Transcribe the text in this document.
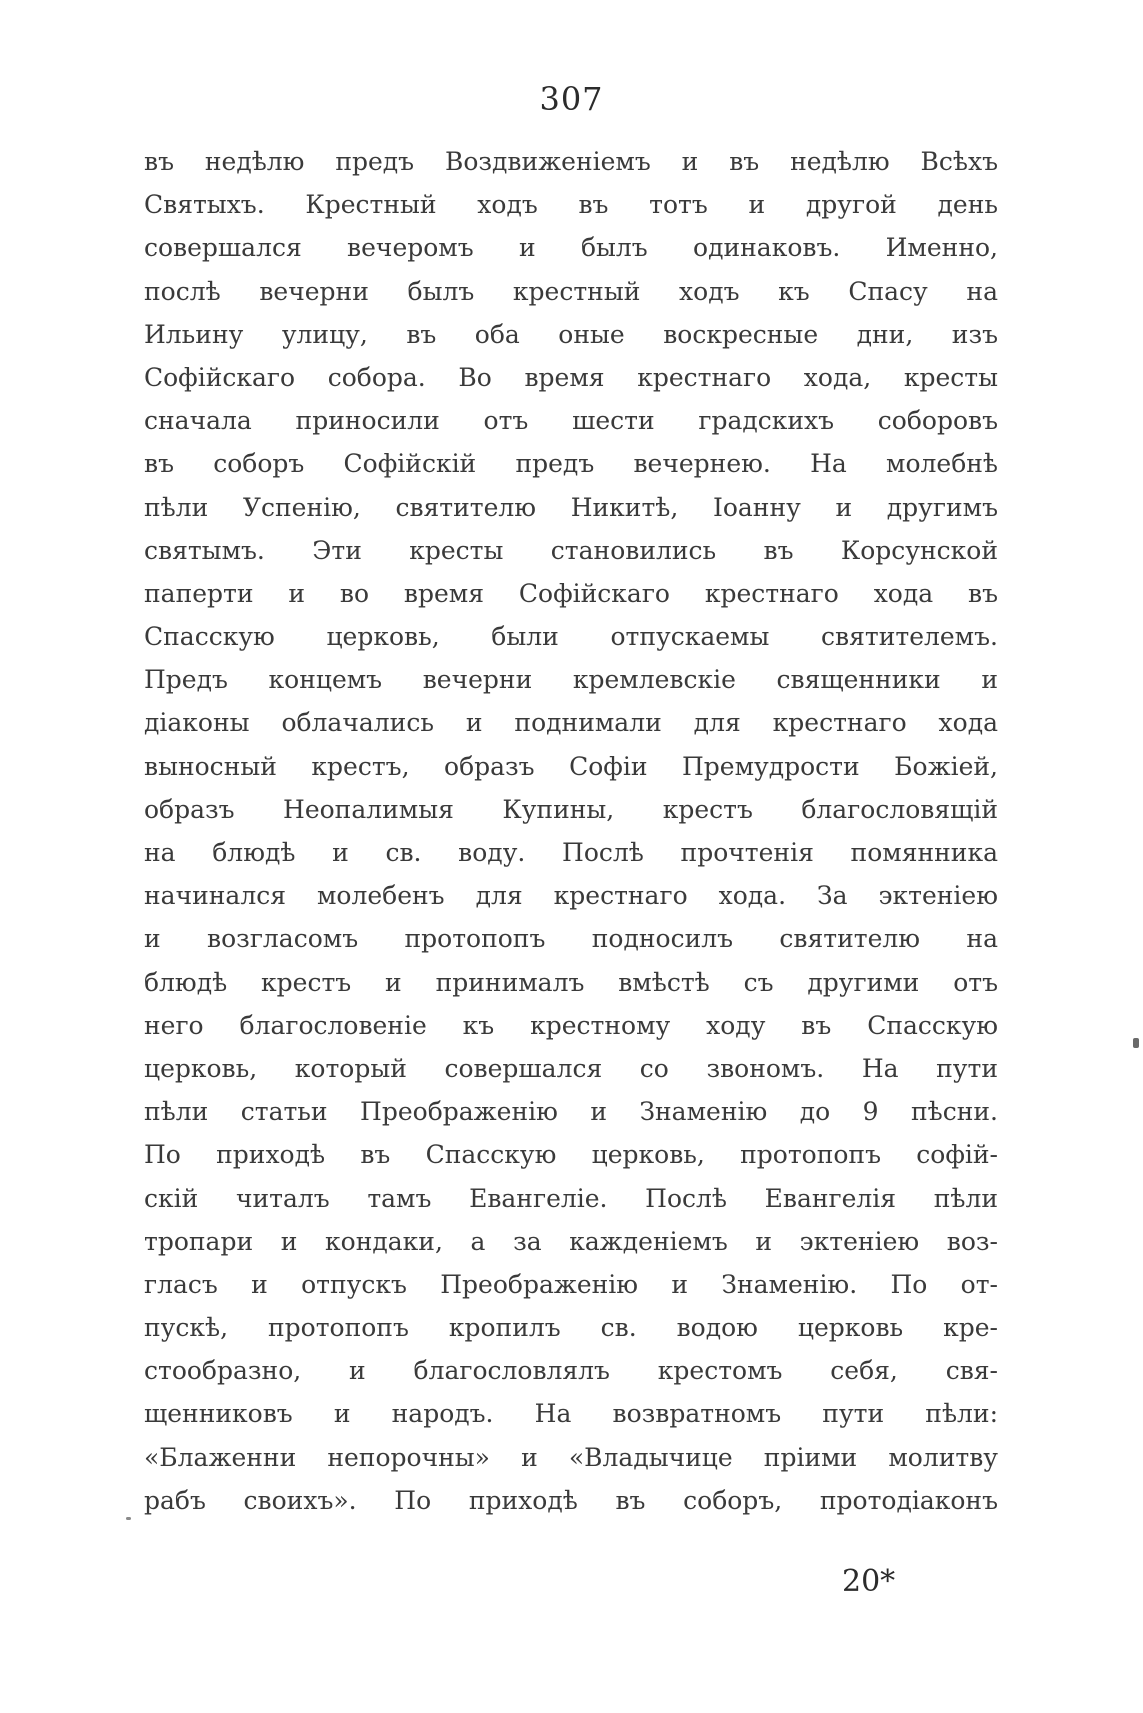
307
въ недѣлю предъ Воздвиженіемъ и въ недѣлю Всѣхъ
Святыхъ. Крестный ходъ въ тотъ и другой день
совершался вечеромъ и былъ одинаковъ. Именно,
послѣ вечерни былъ крестный ходъ къ Спасу на
Ильину улицу, въ оба оные воскресные дни, изъ
Софійскаго собора. Во время крестнаго хода, кресты
сначала приносили отъ шести градскихъ соборовъ
въ соборъ Софійскій предъ вечернею. На молебнѣ
пѣли Успенію, святителю Никитѣ, Іоанну и другимъ
святымъ. Эти кресты становились въ Корсунской
паперти и во время Софійскаго крестнаго хода въ
Спасскую церковь, были отпускаемы святителемъ.
Предъ концемъ вечерни кремлевскіе священники и
діаконы облачались и поднимали для крестнаго хода
выносный крестъ, образъ Софіи Премудрости Божіей,
образъ Неопалимыя Купины, крестъ благословящій
на блюдѣ и св. воду. Послѣ прочтенія помянника
начинался молебенъ для крестнаго хода. За эктеніею
и возгласомъ протопопъ подносилъ святителю на
блюдѣ крестъ и принималъ вмѣстѣ съ другими отъ
него благословеніе къ крестному ходу въ Спасскую
церковь, который совершался со звономъ. На пути
пѣли статьи Преображенію и Знаменію до 9 пѣсни.
По приходѣ въ Спасскую церковь, протопопъ софій-
скій читалъ тамъ Евангеліе. Послѣ Евангелія пѣли
тропари и кондаки, а за кажденіемъ и эктеніею воз-
гласъ и отпускъ Преображенію и Знаменію. По от-
пускѣ, протопопъ кропилъ св. водою церковь кре-
стообразно, и благословлялъ крестомъ себя, свя-
щенниковъ и народъ. На возвратномъ пути пѣли:
«Блаженни непорочны» и «Владычице пріими молитву
рабъ своихъ». По приходѣ въ соборъ, протодіаконъ
20*
